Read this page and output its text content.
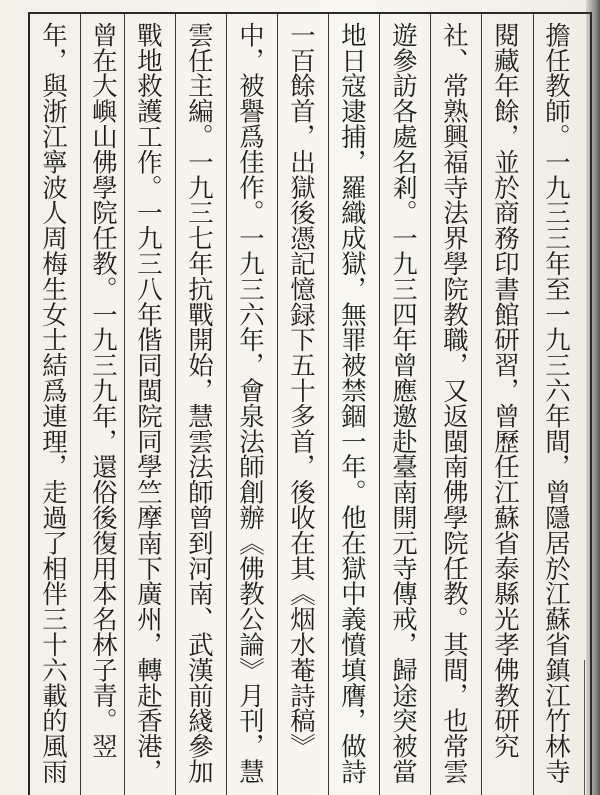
擔任教師。一九三三年至一九三六年間，曾隱居於江蘇省鎮江竹林寺
閱藏年餘，並於商務印書館研習，曾歷任江蘇省泰縣光孝佛教研究
社、常熟興福寺法界學院教職，又返閩南佛學院任教。其間，也常雲
遊參訪各處名剎。一九三四年曾應邀赴臺南開元寺傳戒，歸途突被當
地日寇逮捕，羅織成獄，無罪被禁錮一年。他在獄中義憤填膺，做詩
一百餘首，出獄後憑記憶録下五十多首，後收在其《烟水菴詩稿》
中，被譽爲佳作。一九三六年，會泉法師創辦《佛教公論》月刊，慧
雲任主編。一九三七年抗戰開始，慧雲法師曾到河南、武漢前綫參加
戰地救護工作。一九三八年偕同閩院同學竺摩南下廣州，轉赴香港，
曾在大嶼山佛學院任教。一九三九年，還俗後復用本名林子青。翌
年，與浙江寧波人周梅生女士結爲連理，走過了相伴三十六載的風雨
